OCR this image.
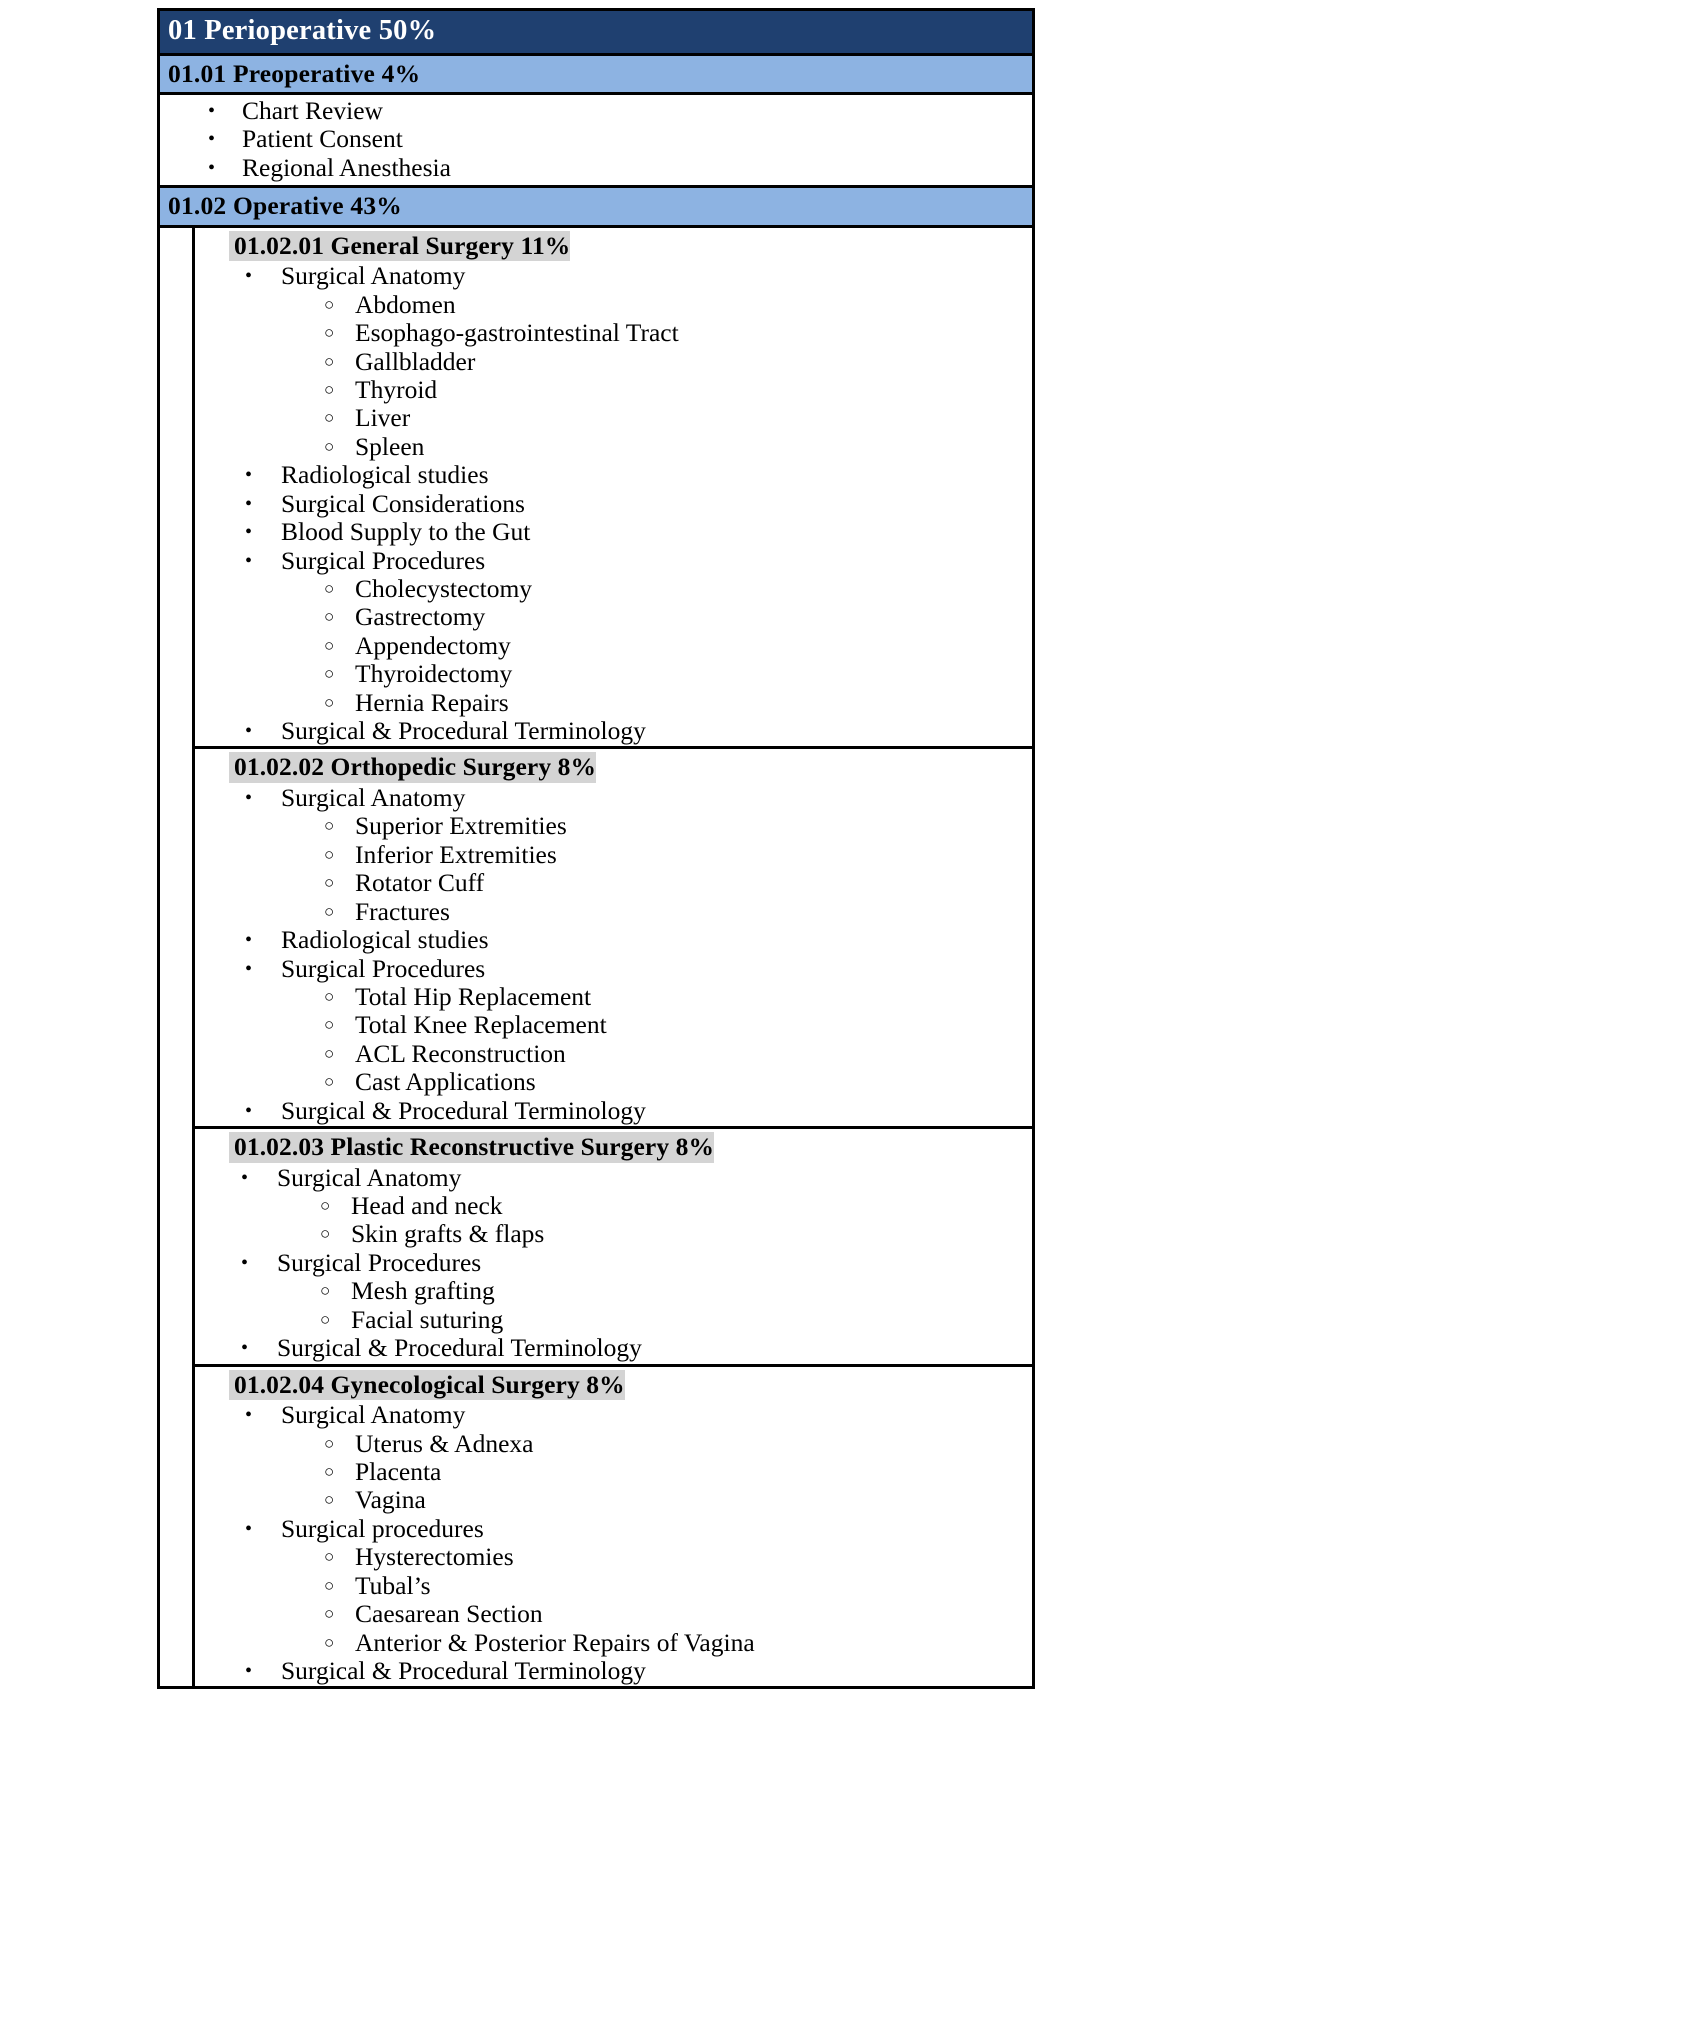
01 Perioperative 50%
01.01 Preoperative 4%
• Chart Review
• Patient Consent
• Regional Anesthesia
01.02 Operative 43%
01.02.01 General Surgery 11%
• Surgical Anatomy
○ Abdomen
○ Esophago-gastrointestinal Tract
○ Gallbladder
○ Thyroid
○ Liver
○ Spleen
• Radiological studies
• Surgical Considerations
• Blood Supply to the Gut
• Surgical Procedures
○ Cholecystectomy
○ Gastrectomy
○ Appendectomy
○ Thyroidectomy
○ Hernia Repairs
• Surgical & Procedural Terminology
01.02.02 Orthopedic Surgery 8%
• Surgical Anatomy
○ Superior Extremities
○ Inferior Extremities
○ Rotator Cuff
○ Fractures
• Radiological studies
• Surgical Procedures
○ Total Hip Replacement
○ Total Knee Replacement
○ ACL Reconstruction
○ Cast Applications
• Surgical & Procedural Terminology
01.02.03 Plastic Reconstructive Surgery 8%
• Surgical Anatomy
○ Head and neck
○ Skin grafts & flaps
• Surgical Procedures
○ Mesh grafting
○ Facial suturing
• Surgical & Procedural Terminology
01.02.04 Gynecological Surgery 8%
• Surgical Anatomy
○ Uterus & Adnexa
○ Placenta
○ Vagina
• Surgical procedures
○ Hysterectomies
○ Tubal’s
○ Caesarean Section
○ Anterior & Posterior Repairs of Vagina
• Surgical & Procedural Terminology
